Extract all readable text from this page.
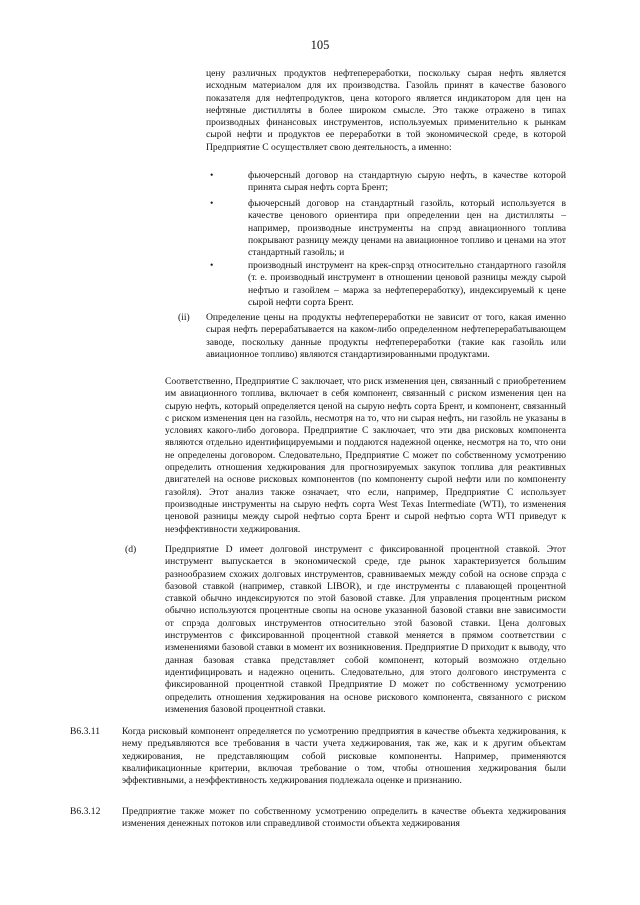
105
цену различных продуктов нефтепереработки, поскольку сырая нефть является исходным материалом для их производства. Газойль принят в качестве базового показателя для нефтепродуктов, цена которого является индикатором для цен на нефтяные дистилляты в более широком смысле. Это также отражено в типах производных финансовых инструментов, используемых применительно к рынкам сырой нефти и продуктов ее переработки в той экономической среде, в которой Предприятие С осуществляет свою деятельность, а именно:
•	фьючерсный договор на стандартную сырую нефть, в качестве которой принята сырая нефть сорта Брент;
•	фьючерсный договор на стандартный газойль, который используется в качестве ценового ориентира при определении цен на дистилляты – например, производные инструменты на спрэд авиационного топлива покрывают разницу между ценами на авиационное топливо и ценами на этот стандартный газойль; и
•	производный инструмент на крек-спрэд относительно стандартного газойля (т. е. производный инструмент в отношении ценовой разницы между сырой нефтью и газойлем – маржа за нефтепереработку), индексируемый к цене сырой нефти сорта Брент.
(ii) Определение цены на продукты нефтепереработки не зависит от того, какая именно сырая нефть перерабатывается на каком-либо определенном нефтеперерабатывающем заводе, поскольку данные продукты нефтепереработки (такие как газойль или авиационное топливо) являются стандартизированными продуктами.
Соответственно, Предприятие С заключает, что риск изменения цен, связанный с приобретением им авиационного топлива, включает в себя компонент, связанный с риском изменения цен на сырую нефть, который определяется ценой на сырую нефть сорта Брент, и компонент, связанный с риском изменения цен на газойль, несмотря на то, что ни сырая нефть, ни газойль не указаны в условиях какого-либо договора. Предприятие С заключает, что эти два рисковых компонента являются отдельно идентифицируемыми и поддаются надежной оценке, несмотря на то, что они не определены договором. Следовательно, Предприятие С может по собственному усмотрению определить отношения хеджирования для прогнозируемых закупок топлива для реактивных двигателей на основе рисковых компонентов (по компоненту сырой нефти или по компоненту газойля). Этот анализ также означает, что если, например, Предприятие С использует производные инструменты на сырую нефть сорта West Texas Intermediate (WTI), то изменения ценовой разницы между сырой нефтью сорта Брент и сырой нефтью сорта WTI приведут к неэффективности хеджирования.
(d)	Предприятие D имеет долговой инструмент с фиксированной процентной ставкой. Этот инструмент выпускается в экономической среде, где рынок характеризуется большим разнообразием схожих долговых инструментов, сравниваемых между собой на основе спрэда с базовой ставкой (например, ставкой LIBOR), и где инструменты с плавающей процентной ставкой обычно индексируются по этой базовой ставке. Для управления процентным риском обычно используются процентные свопы на основе указанной базовой ставки вне зависимости от спрэда долговых инструментов относительно этой базовой ставки. Цена долговых инструментов с фиксированной процентной ставкой меняется в прямом соответствии с изменениями базовой ставки в момент их возникновения. Предприятие D приходит к выводу, что данная базовая ставка представляет собой компонент, который возможно отдельно идентифицировать и надежно оценить. Следовательно, для этого долгового инструмента с фиксированной процентной ставкой Предприятие D может по собственному усмотрению определить отношения хеджирования на основе рискового компонента, связанного с риском изменения базовой процентной ставки.
B6.3.11 Когда рисковый компонент определяется по усмотрению предприятия в качестве объекта хеджирования, к нему предъявляются все требования в части учета хеджирования, так же, как и к другим объектам хеджирования, не представляющим собой рисковые компоненты. Например, применяются квалификационные критерии, включая требование о том, чтобы отношения хеджирования были эффективными, а неэффективность хеджирования подлежала оценке и признанию.
B6.3.12 Предприятие также может по собственному усмотрению определить в качестве объекта хеджирования изменения денежных потоков или справедливой стоимости объекта хеджирования
